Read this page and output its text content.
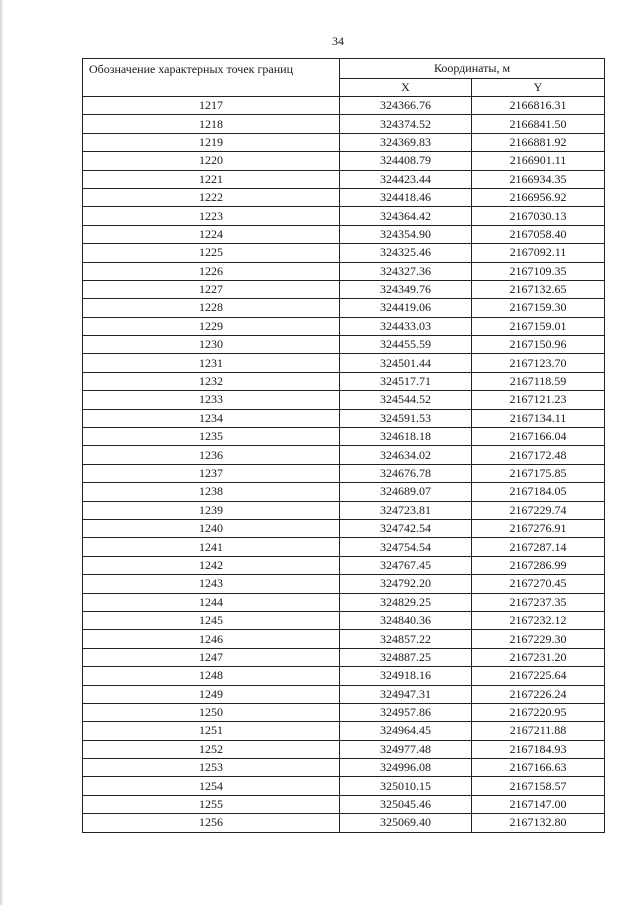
34
Обозначение характерных точек границ	Координаты, м	
	X	Y
1217	324366.76	2166816.31
1218	324374.52	2166841.50
1219	324369.83	2166881.92
1220	324408.79	2166901.11
1221	324423.44	2166934.35
1222	324418.46	2166956.92
1223	324364.42	2167030.13
1224	324354.90	2167058.40
1225	324325.46	2167092.11
1226	324327.36	2167109.35
1227	324349.76	2167132.65
1228	324419.06	2167159.30
1229	324433.03	2167159.01
1230	324455.59	2167150.96
1231	324501.44	2167123.70
1232	324517.71	2167118.59
1233	324544.52	2167121.23
1234	324591.53	2167134.11
1235	324618.18	2167166.04
1236	324634.02	2167172.48
1237	324676.78	2167175.85
1238	324689.07	2167184.05
1239	324723.81	2167229.74
1240	324742.54	2167276.91
1241	324754.54	2167287.14
1242	324767.45	2167286.99
1243	324792.20	2167270.45
1244	324829.25	2167237.35
1245	324840.36	2167232.12
1246	324857.22	2167229.30
1247	324887.25	2167231.20
1248	324918.16	2167225.64
1249	324947.31	2167226.24
1250	324957.86	2167220.95
1251	324964.45	2167211.88
1252	324977.48	2167184.93
1253	324996.08	2167166.63
1254	325010.15	2167158.57
1255	325045.46	2167147.00
1256	325069.40	2167132.80
